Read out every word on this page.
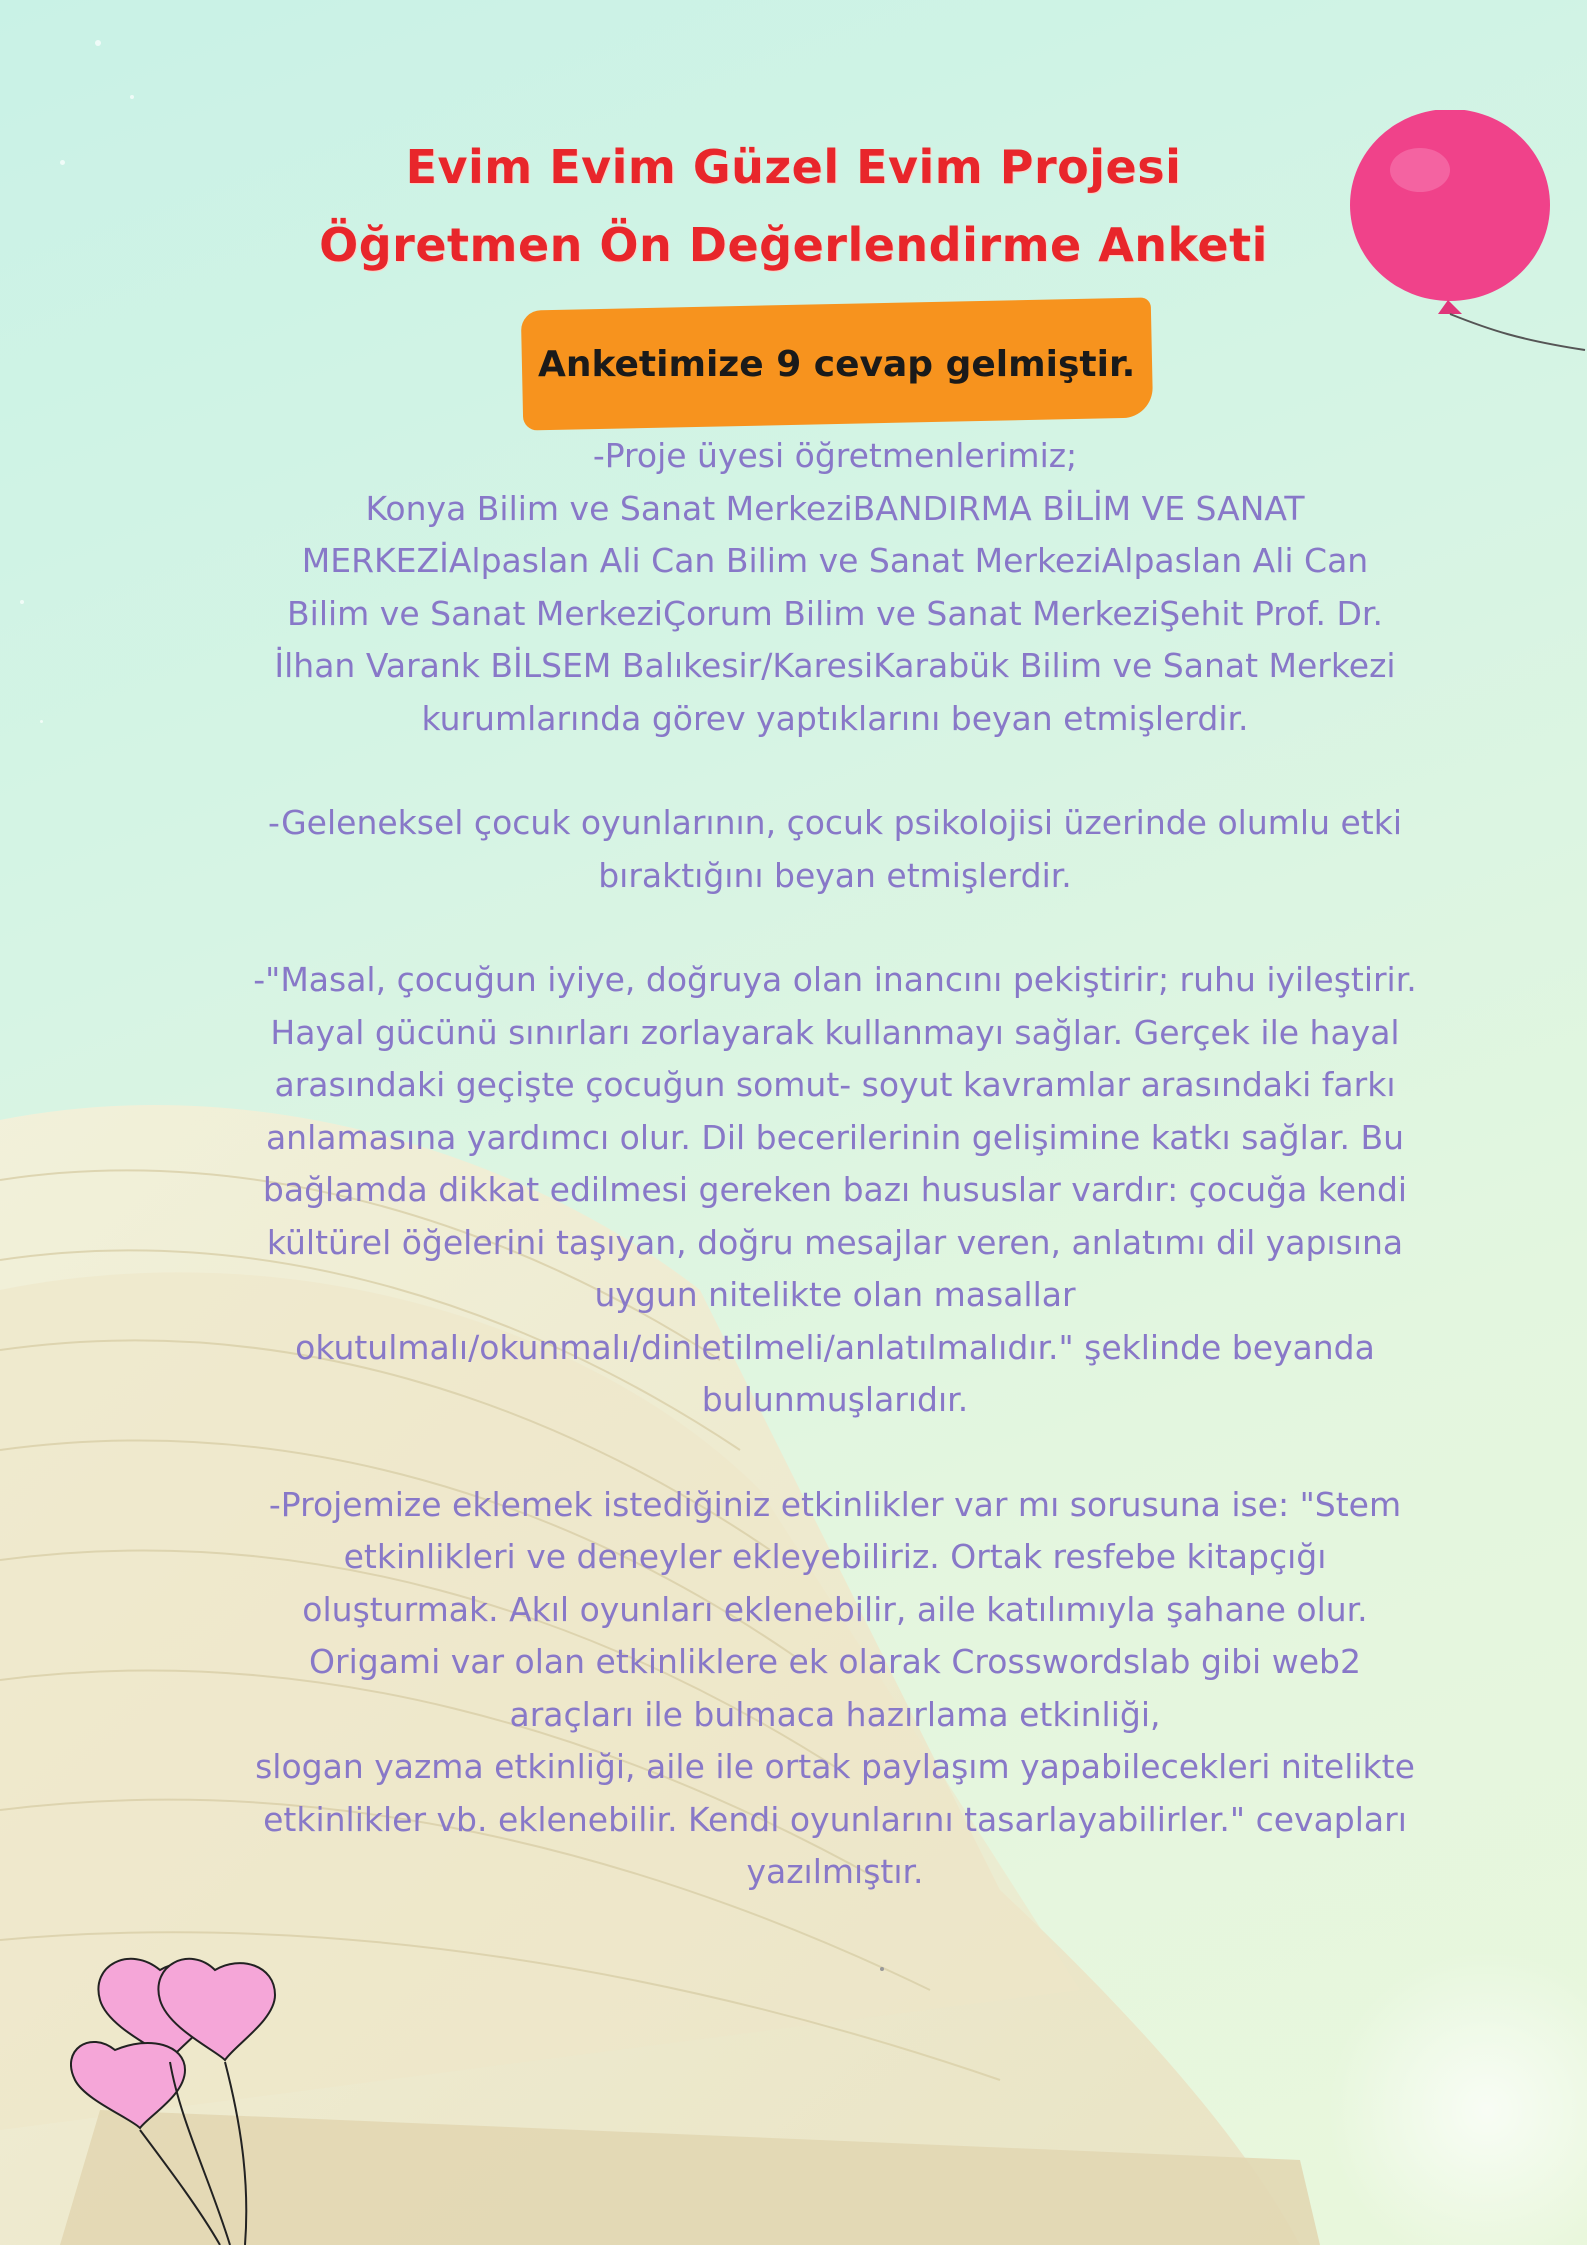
Evim Evim Güzel Evim Projesi
Öğretmen Ön Değerlendirme Anketi
Anketimize 9 cevap gelmiştir.

-Proje üyesi öğretmenlerimiz;
Konya Bilim ve Sanat MerkeziBANDIRMA BİLİM VE SANAT
MERKEZİAlpaslan Ali Can Bilim ve Sanat MerkeziAlpaslan Ali Can
Bilim ve Sanat MerkeziÇorum Bilim ve Sanat MerkeziŞehit Prof. Dr.
İlhan Varank BİLSEM Balıkesir/KaresiKarabük Bilim ve Sanat Merkezi
kurumlarında görev yaptıklarını beyan etmişlerdir.

-Geleneksel çocuk oyunlarının, çocuk psikolojisi üzerinde olumlu etki
bıraktığını beyan etmişlerdir.

-"Masal, çocuğun iyiye, doğruya olan inancını pekiştirir; ruhu iyileştirir.
Hayal gücünü sınırları zorlayarak kullanmayı sağlar. Gerçek ile hayal
arasındaki geçişte çocuğun somut- soyut kavramlar arasındaki farkı
anlamasına yardımcı olur. Dil becerilerinin gelişimine katkı sağlar. Bu
bağlamda dikkat edilmesi gereken bazı hususlar vardır: çocuğa kendi
kültürel öğelerini taşıyan, doğru mesajlar veren, anlatımı dil yapısına
uygun nitelikte olan masallar
okutulmalı/okunmalı/dinletilmeli/anlatılmalıdır." şeklinde beyanda
bulunmuşlarıdır.

-Projemize eklemek istediğiniz etkinlikler var mı sorusuna ise: "Stem
etkinlikleri ve deneyler ekleyebiliriz. Ortak resfebe kitapçığı
oluşturmak. Akıl oyunları eklenebilir, aile katılımıyla şahane olur.
Origami var olan etkinliklere ek olarak Crosswordslab gibi web2
araçları ile bulmaca hazırlama etkinliği,
slogan yazma etkinliği, aile ile ortak paylaşım yapabilecekleri nitelikte
etkinlikler vb. eklenebilir. Kendi oyunlarını tasarlayabilirler." cevapları
yazılmıştır.
